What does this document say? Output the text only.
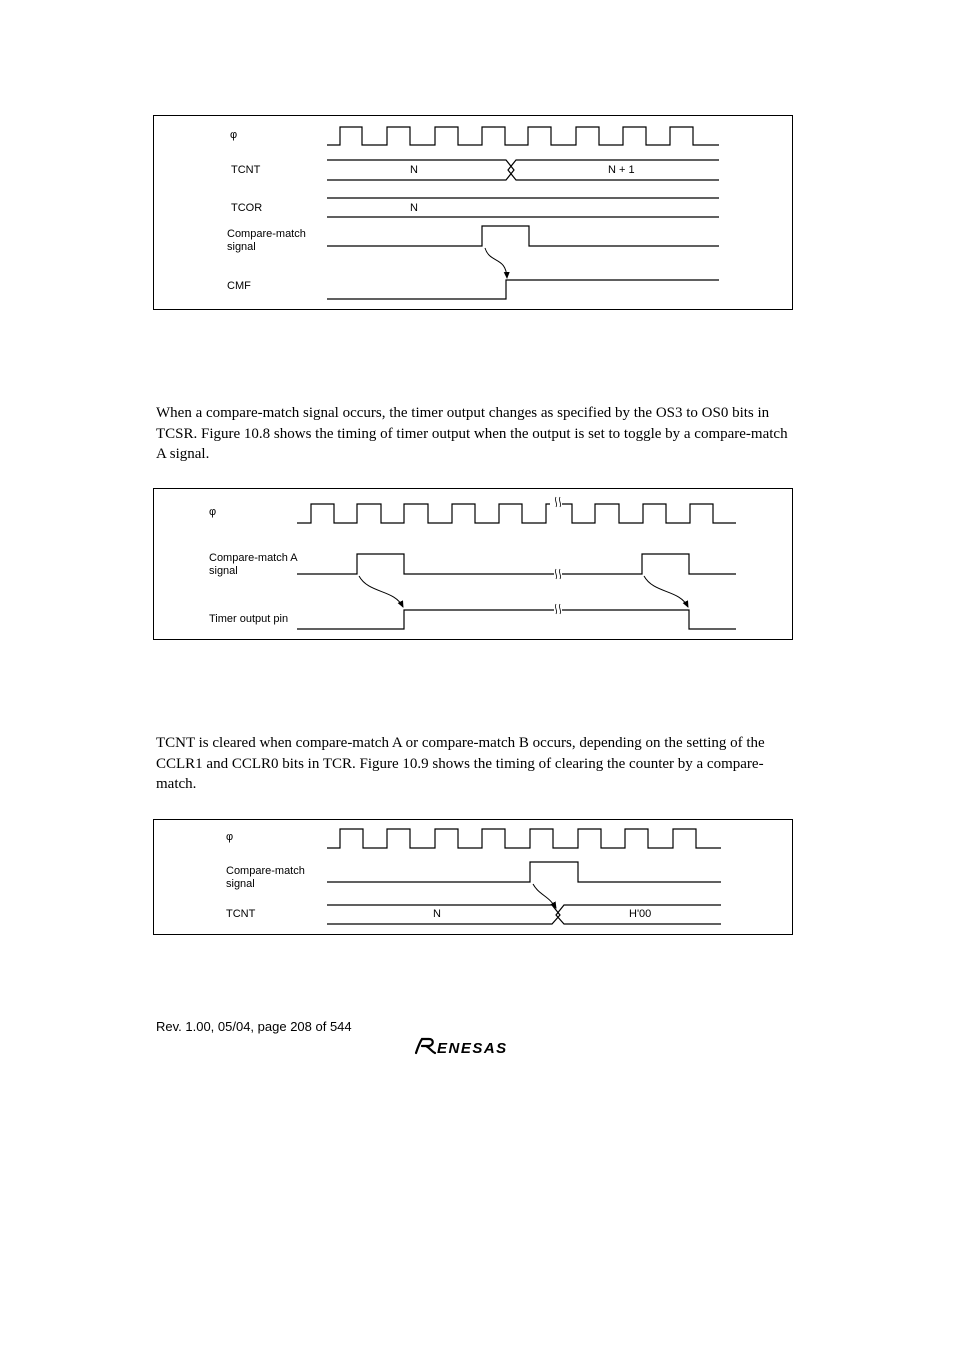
φ
TCNT	N	N + 1
TCOR	N
Compare-match
signal
CMF
When a compare-match signal occurs, the timer output changes as specified by the OS3 to OS0 bits in TCSR. Figure 10.8 shows the timing of timer output when the output is set to toggle by a compare-match A signal.
φ
Compare-match A
signal
Timer output pin
TCNT is cleared when compare-match A or compare-match B occurs, depending on the setting of the CCLR1 and CCLR0 bits in TCR. Figure 10.9 shows the timing of clearing the counter by a compare-match.
φ
Compare-match
signal
TCNT	N	H'00
Rev. 1.00, 05/04, page 208 of 544
ENESAS
